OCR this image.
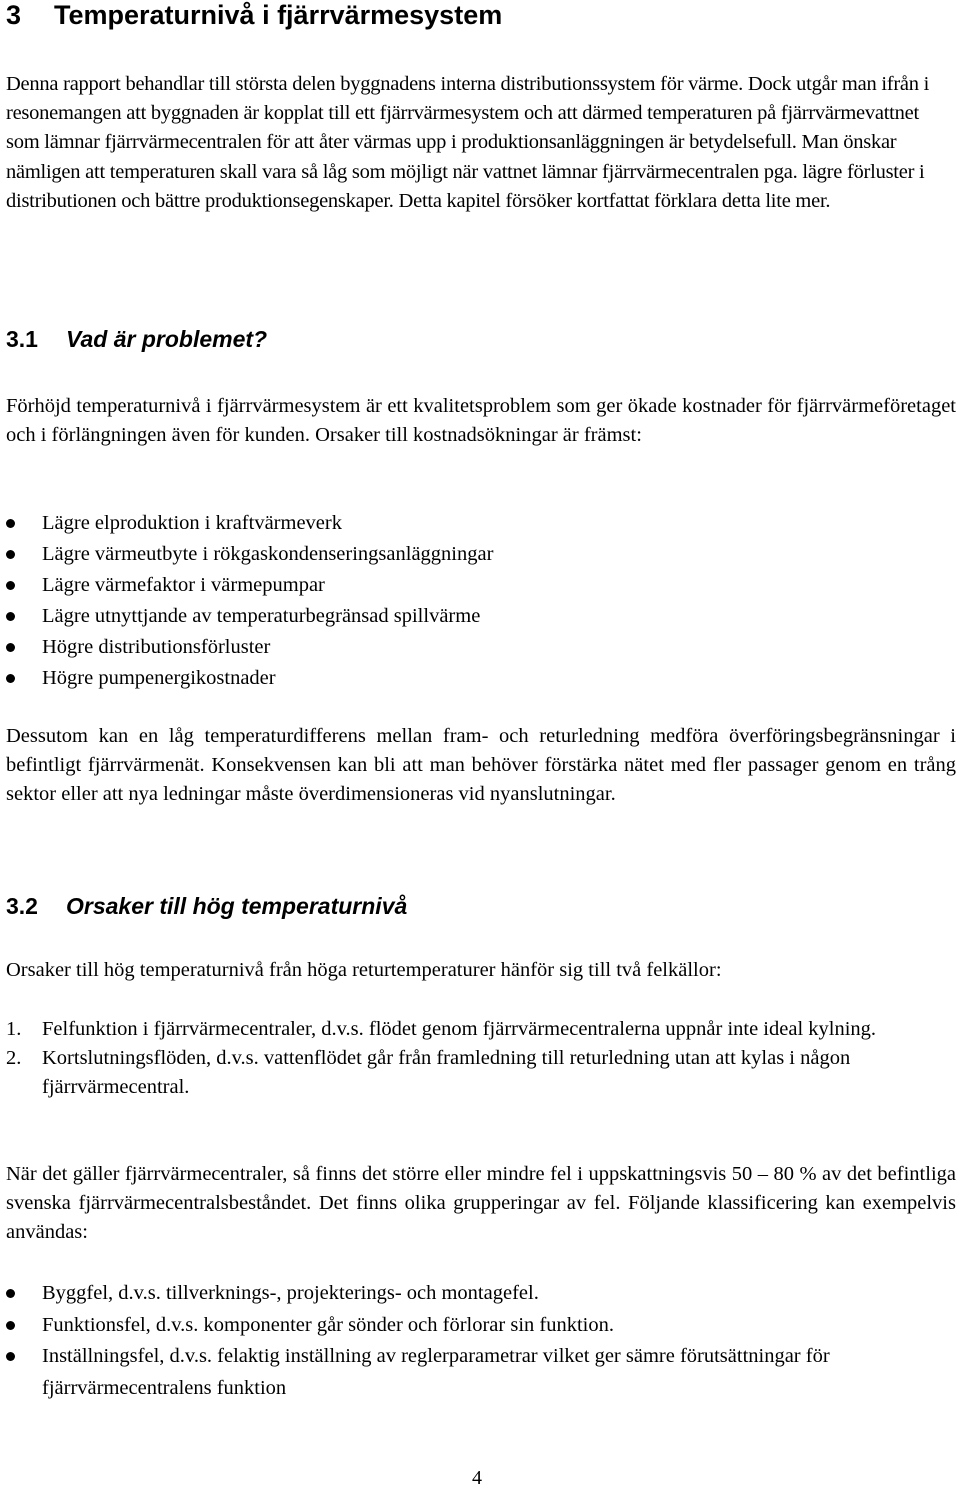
3 Temperaturnivå i fjärrvärmesystem

Denna rapport behandlar till största delen byggnadens interna distributionssystem för värme. Dock utgår man ifrån i resonemangen att byggnaden är kopplat till ett fjärrvärmesystem och att därmed temperaturen på fjärrvärmevattnet som lämnar fjärrvärmecentralen för att åter värmas upp i produktionsanläggningen är betydelsefull. Man önskar nämligen att temperaturen skall vara så låg som möjligt när vattnet lämnar fjärrvärmecentralen pga. lägre förluster i distributionen och bättre produktionsegenskaper. Detta kapitel försöker kortfattat förklara detta lite mer.

3.1 Vad är problemet?

Förhöjd temperaturnivå i fjärrvärmesystem är ett kvalitetsproblem som ger ökade kostnader för fjärrvärmeföretaget och i förlängningen även för kunden. Orsaker till kostnadsökningar är främst:

Lägre elproduktion i kraftvärmeverk
Lägre värmeutbyte i rökgaskondenseringsanläggningar
Lägre värmefaktor i värmepumpar
Lägre utnyttjande av temperaturbegränsad spillvärme
Högre distributionsförluster
Högre pumpenergikostnader

Dessutom kan en låg temperaturdifferens mellan fram- och returledning medföra överföringsbegränsningar i befintligt fjärrvärmenät. Konsekvensen kan bli att man behöver förstärka nätet med fler passager genom en trång sektor eller att nya ledningar måste överdimensioneras vid nyanslutningar.

3.2 Orsaker till hög temperaturnivå

Orsaker till hög temperaturnivå från höga returtemperaturer hänför sig till två felkällor:

1. Felfunktion i fjärrvärmecentraler, d.v.s. flödet genom fjärrvärmecentralerna uppnår inte ideal kylning.
2. Kortslutningsflöden, d.v.s. vattenflödet går från framledning till returledning utan att kylas i någon fjärrvärmecentral.

När det gäller fjärrvärmecentraler, så finns det större eller mindre fel i uppskattningsvis 50 – 80 % av det befintliga svenska fjärrvärmecentralsbeståndet. Det finns olika grupperingar av fel. Följande klassificering kan exempelvis användas:

Byggfel, d.v.s. tillverknings-, projekterings- och montagefel.
Funktionsfel, d.v.s. komponenter går sönder och förlorar sin funktion.
Inställningsfel, d.v.s. felaktig inställning av reglerparametrar vilket ger sämre förutsättningar för fjärrvärmecentralens funktion
4
